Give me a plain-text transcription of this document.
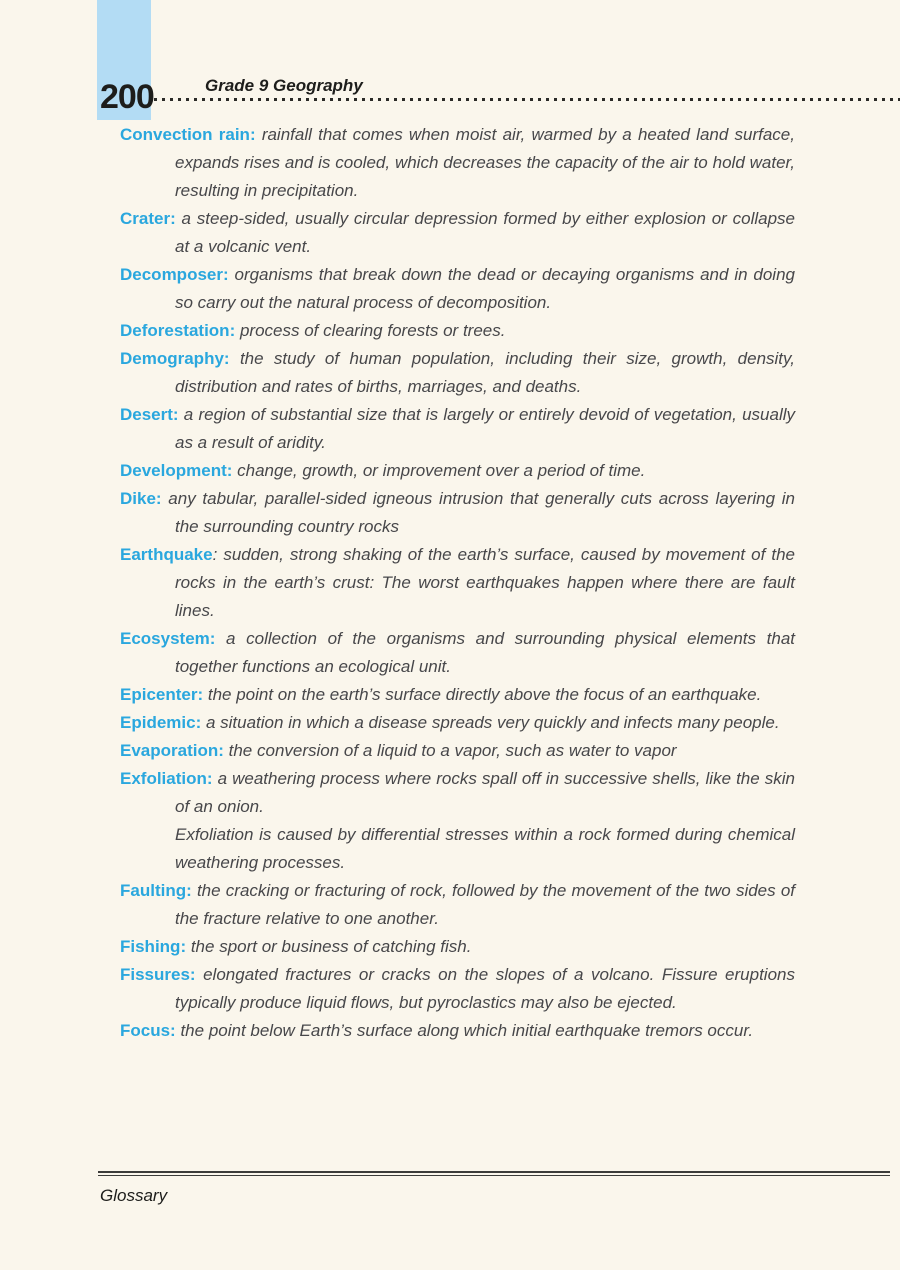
200	Grade 9 Geography

Convection rain: rainfall that comes when moist air, warmed by a heated land surface, expands rises and is cooled, which decreases the capacity of the air to hold water, resulting in precipitation.

Crater: a steep-sided, usually circular depression formed by either explosion or collapse at a volcanic vent.

Decomposer: organisms that break down the dead or decaying organisms and in doing so carry out the natural process of decomposition.

Deforestation: process of clearing forests or trees.

Demography: the study of human population, including their size, growth, density, distribution and rates of births, marriages, and deaths.

Desert: a region of substantial size that is largely or entirely devoid of vegetation, usually as a result of aridity.

Development: change, growth, or improvement over a period of time.

Dike: any tabular, parallel-sided igneous intrusion that generally cuts across layering in the surrounding country rocks

Earthquake: sudden, strong shaking of the earth’s surface, caused by movement of the rocks in the earth’s crust: The worst earthquakes happen where there are fault lines.

Ecosystem: a collection of the organisms and surrounding physical elements that together functions an ecological unit.

Epicenter: the point on the earth’s surface directly above the focus of an earthquake.

Epidemic: a situation in which a disease spreads very quickly and infects many people.

Evaporation: the conversion of a liquid to a vapor, such as water to vapor

Exfoliation: a weathering process where rocks spall off in successive shells, like the skin of an onion.

Exfoliation is caused by differential stresses within a rock formed during chemical weathering processes.

Faulting: the cracking or fracturing of rock, followed by the movement of the two sides of the fracture relative to one another.

Fishing: the sport or business of catching fish.

Fissures: elongated fractures or cracks on the slopes of a volcano. Fissure eruptions typically produce liquid flows, but pyroclastics may also be ejected.

Focus: the point below Earth’s surface along which initial earthquake tremors occur.

Glossary
